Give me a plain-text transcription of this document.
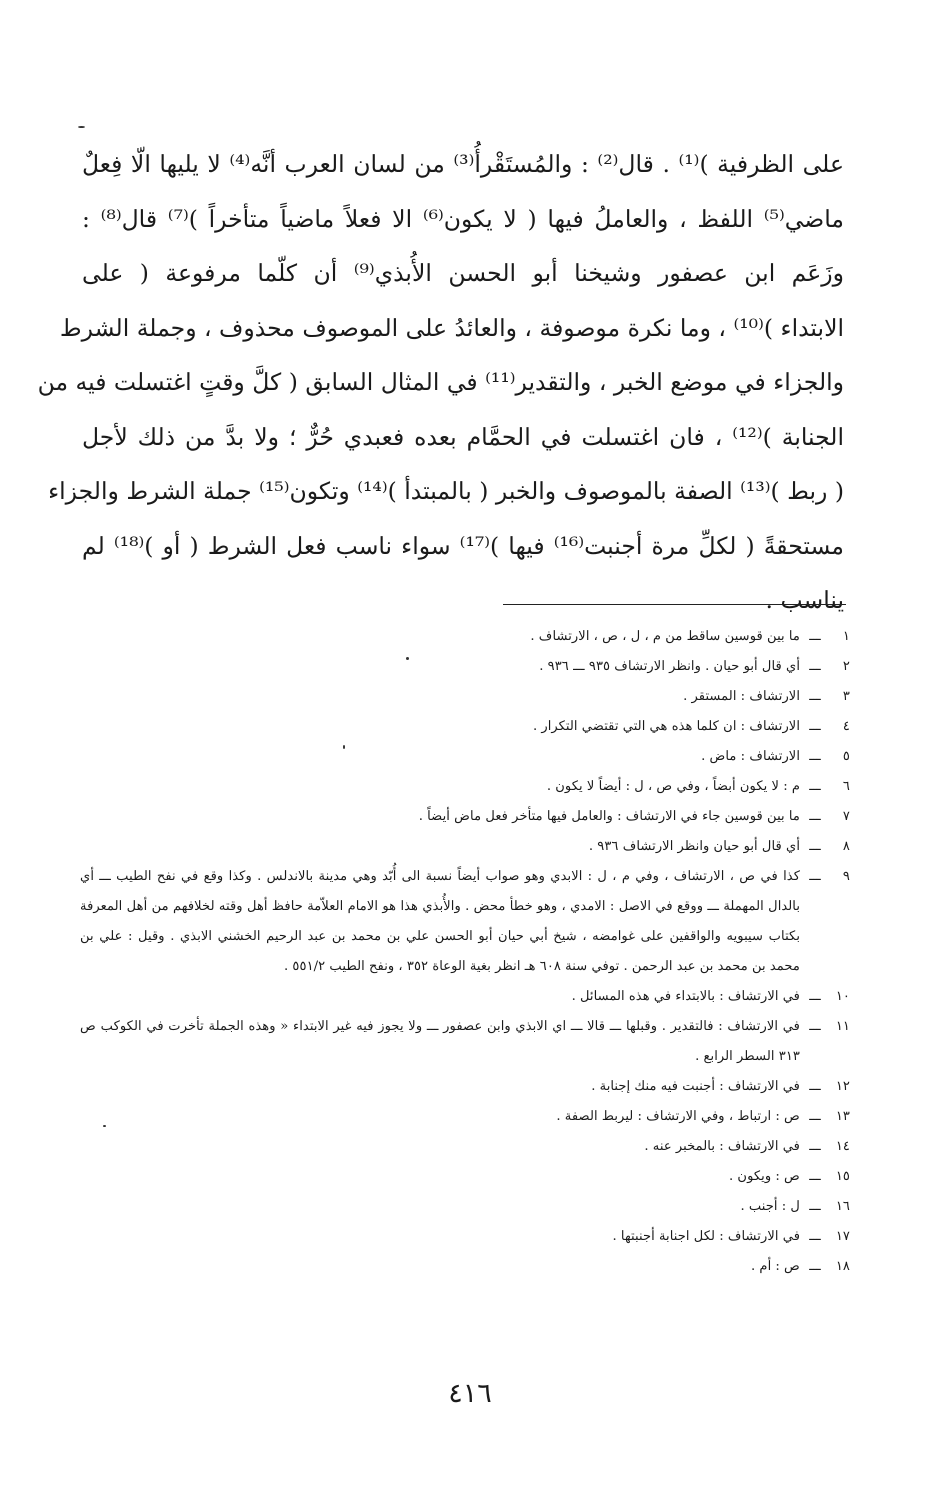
على الظرفية )⁽¹⁾ . قال⁽²⁾ : والمُستَقْرأُ⁽³⁾ من لسان العرب أنَّه⁽⁴⁾ لا يليها الّا فِعلٌ
ماضي⁽⁵⁾ اللفظ ، والعاملُ فيها ( لا يكون⁽⁶⁾ الا فعلاً ماضياً متأخراً )⁽⁷⁾ قال⁽⁸⁾ :
وزَعَم ابن عصفور وشيخنا أبو الحسن الأُبذي⁽⁹⁾ أن كلّما مرفوعة ( على
الابتداء )⁽¹⁰⁾ ، وما نكرة موصوفة ، والعائدُ على الموصوف محذوف ، وجملة الشرط
والجزاء في موضع الخبر ، والتقدير⁽¹¹⁾ في المثال السابق ( كلَّ وقتٍ اغتسلت فيه من
الجنابة )⁽¹²⁾ ، فان اغتسلت في الحمَّام بعده فعبدي حُرٌّ ؛ ولا بدَّ من ذلك لأجل
( ربط )⁽¹³⁾ الصفة بالموصوف والخبر ( بالمبتدأ )⁽¹⁴⁾ وتكون⁽¹⁵⁾ جملة الشرط والجزاء
مستحقةً ( لكلِّ مرة أجنبت⁽¹⁶⁾ فيها )⁽¹⁷⁾ سواء ناسب فعل الشرط ( أو )⁽¹⁸⁾ لم
يناسب .
١
ـــ
ما بين قوسين ساقط من م ، ل ، ص ، الارتشاف .
٢
ـــ
أي قال أبو حيان . وانظر الارتشاف ٩٣٥ ـــ ٩٣٦ .
٣
ـــ
الارتشاف : المستقر .
٤
ـــ
الارتشاف : ان كلما هذه هي التي تقتضي التكرار .
٥
ـــ
الارتشاف : ماض .
٦
ـــ
م : لا يكون أبضاً ، وفي ص ، ل : أيضاً لا يكون .
٧
ـــ
ما بين قوسين جاء في الارتشاف : والعامل فيها متأخر فعل ماض أيضاً .
٨
ـــ
أي قال أبو حيان وانظر الارتشاف ٩٣٦ .
٩
ـــ
كذا في ص ، الارتشاف ، وفي م ، ل : الابدي وهو صواب أيضاً نسبة الى أُبّد وهي مدينة بالاندلس . وكذا وقع في نفح الطيب ـــ أي بالدال المهملة ـــ ووقع في الاصل : الامدي ، وهو خطأ محض . والأُبذي هذا هو الامام العلاّمة حافظ أهل وقته لخلافهم من أهل المعرفة بكتاب سيبويه والواقفين على غوامضه ، شيخ أبي حيان أبو الحسن علي بن محمد بن عبد الرحيم الخشني الابذي . وقيل : علي بن محمد بن محمد بن عبد الرحمن . توفي سنة ٦٠٨ هـ انظر بغية الوعاة ٣٥٢ ، ونفح الطيب ٥٥١/٢ .
١٠
ـــ
في الارتشاف : بالابتداء في هذه المسائل .
١١
ـــ
في الارتشاف : فالتقدير . وقبلها ـــ قالا ـــ اي الابذي وابن عصفور ـــ ولا يجوز فيه غير الابتداء « وهذه الجملة تأخرت في الكوكب ص ٣١٣ السطر الرابع .
١٢
ـــ
في الارتشاف : أجنبت فيه منك إجنابة .
١٣
ـــ
ص : ارتباط ، وفي الارتشاف : ليربط الصفة .
١٤
ـــ
في الارتشاف : بالمخبر عنه .
١٥
ـــ
ص : ويكون .
١٦
ـــ
ل : أجنب .
١٧
ـــ
في الارتشاف : لكل اجنابة أجنبتها .
١٨
ـــ
ص : أم .
٤١٦
